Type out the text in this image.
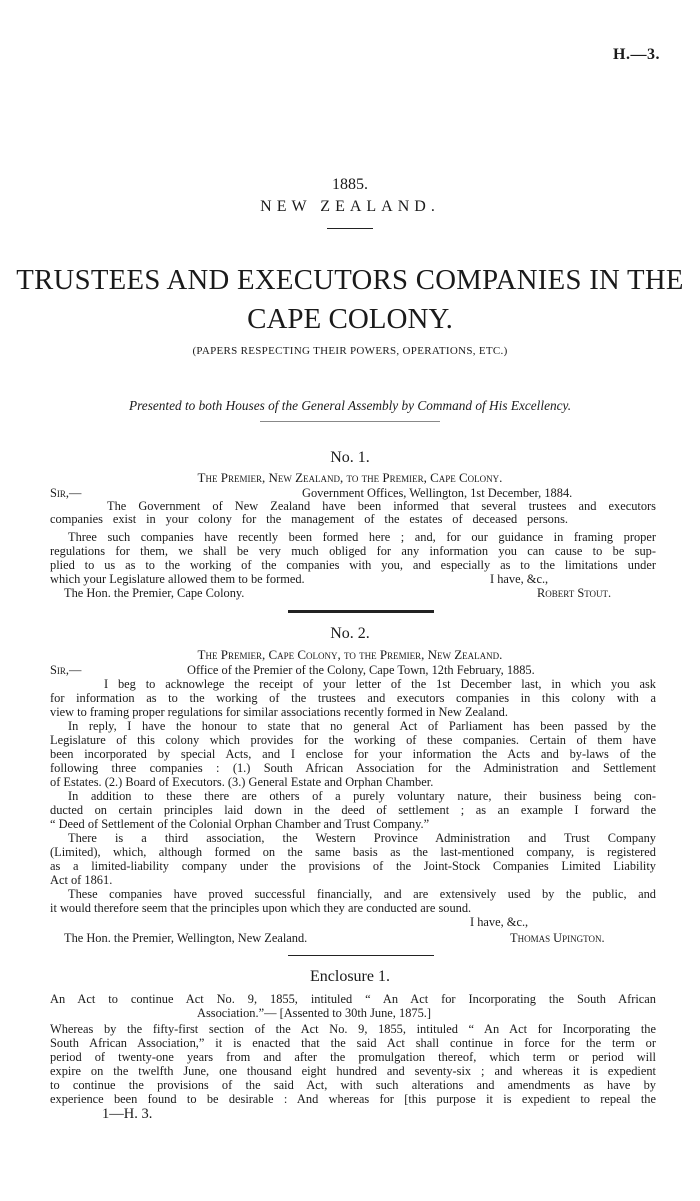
H.—3.
1885.
NEW ZEALAND.
TRUSTEES AND EXECUTORS COMPANIES IN THE
CAPE COLONY.
(PAPERS RESPECTING THEIR POWERS, OPERATIONS, ETC.)
Presented to both Houses of the General Assembly by Command of His Excellency.
No. 1.
The Premier, New Zealand, to the Premier, Cape Colony.
Sir,—	Government Offices, Wellington, 1st December, 1884.
The Government of New Zealand have been informed that several trustees and executors
companies exist in your colony for the management of the estates of deceased persons.
Three such companies have recently been formed here ; and, for our guidance in framing proper
regulations for them, we shall be very much obliged for any information you can cause to be sup-
plied to us as to the working of the companies with you, and especially as to the limitations under
which your Legislature allowed them to be formed.	I have, &c.,
The Hon. the Premier, Cape Colony.	Robert Stout.
No. 2.
The Premier, Cape Colony, to the Premier, New Zealand.
Sir,—	Office of the Premier of the Colony, Cape Town, 12th February, 1885.
I beg to acknowlege the receipt of your letter of the 1st December last, in which you ask
for information as to the working of the trustees and executors companies in this colony with a
view to framing proper regulations for similar associations recently formed in New Zealand.
In reply, I have the honour to state that no general Act of Parliament has been passed by the
Legislature of this colony which provides for the working of these companies. Certain of them have
been incorporated by special Acts, and I enclose for your information the Acts and by-laws of the
following three companies : (1.) South African Association for the Administration and Settlement
of Estates. (2.) Board of Executors. (3.) General Estate and Orphan Chamber.
In addition to these there are others of a purely voluntary nature, their business being con-
ducted on certain principles laid down in the deed of settlement ; as an example I forward the
“ Deed of Settlement of the Colonial Orphan Chamber and Trust Company.”
There is a third association, the Western Province Administration and Trust Company
(Limited), which, although formed on the same basis as the last-mentioned company, is registered
as a limited-liability company under the provisions of the Joint-Stock Companies Limited Liability
Act of 1861.
These companies have proved successful financially, and are extensively used by the public, and
it would therefore seem that the principles upon which they are conducted are sound.
I have, &c.,
The Hon. the Premier, Wellington, New Zealand.	Thomas Upington.
Enclosure 1.
An Act to continue Act No. 9, 1855, intituled “ An Act for Incorporating the South African
Association.”— [Assented to 30th June, 1875.]
Whereas by the fifty-first section of the Act No. 9, 1855, intituled “ An Act for Incorporating the
South African Association,” it is enacted that the said Act shall continue in force for the term or
period of twenty-one years from and after the promulgation thereof, which term or period will
expire on the twelfth June, one thousand eight hundred and seventy-six ; and whereas it is expedient
to continue the provisions of the said Act, with such alterations and amendments as have by
experience been found to be desirable : And whereas for [this purpose it is expedient to repeal the
1—H. 3.
